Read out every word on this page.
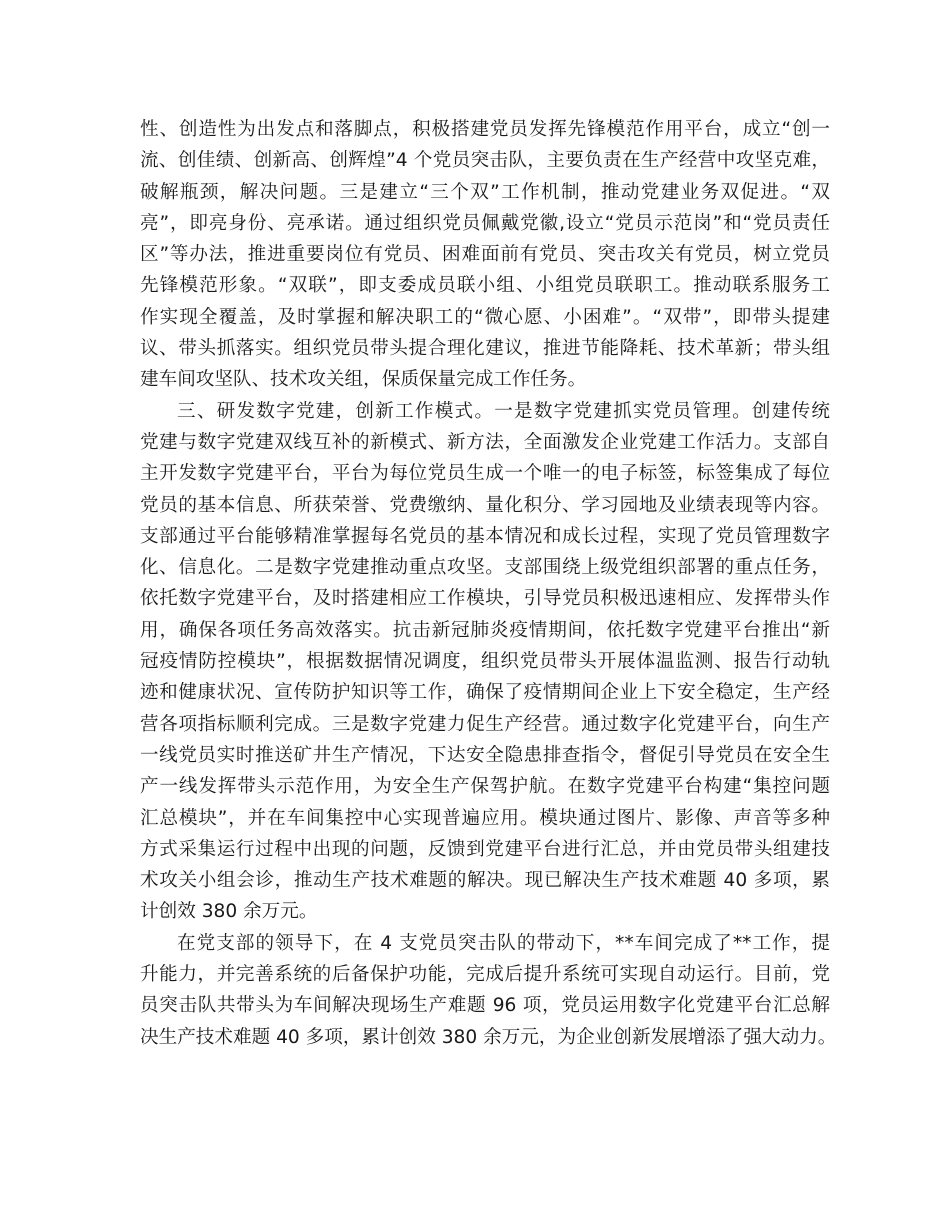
性、创造性为出发点和落脚点，积极搭建党员发挥先锋模范作用平台，成立“创一
流、创佳绩、创新高、创辉煌”4 个党员突击队，主要负责在生产经营中攻坚克难，
破解瓶颈，解决问题。三是建立“三个双”工作机制，推动党建业务双促进。“双
亮”，即亮身份、亮承诺。通过组织党员佩戴党徽,设立“党员示范岗”和“党员责任
区”等办法，推进重要岗位有党员、困难面前有党员、突击攻关有党员，树立党员
先锋模范形象。“双联”，即支委成员联小组、小组党员联职工。推动联系服务工
作实现全覆盖，及时掌握和解决职工的“微心愿、小困难”。“双带”，即带头提建
议、带头抓落实。组织党员带头提合理化建议，推进节能降耗、技术革新；带头组
建车间攻坚队、技术攻关组，保质保量完成工作任务。
三、研发数字党建，创新工作模式。一是数字党建抓实党员管理。创建传统
党建与数字党建双线互补的新模式、新方法，全面激发企业党建工作活力。支部自
主开发数字党建平台，平台为每位党员生成一个唯一的电子标签，标签集成了每位
党员的基本信息、所获荣誉、党费缴纳、量化积分、学习园地及业绩表现等内容。
支部通过平台能够精准掌握每名党员的基本情况和成长过程，实现了党员管理数字
化、信息化。二是数字党建推动重点攻坚。支部围绕上级党组织部署的重点任务，
依托数字党建平台，及时搭建相应工作模块，引导党员积极迅速相应、发挥带头作
用，确保各项任务高效落实。抗击新冠肺炎疫情期间，依托数字党建平台推出“新
冠疫情防控模块”，根据数据情况调度，组织党员带头开展体温监测、报告行动轨
迹和健康状况、宣传防护知识等工作，确保了疫情期间企业上下安全稳定，生产经
营各项指标顺利完成。三是数字党建力促生产经营。通过数字化党建平台，向生产
一线党员实时推送矿井生产情况，下达安全隐患排查指令，督促引导党员在安全生
产一线发挥带头示范作用，为安全生产保驾护航。在数字党建平台构建“集控问题
汇总模块”，并在车间集控中心实现普遍应用。模块通过图片、影像、声音等多种
方式采集运行过程中出现的问题，反馈到党建平台进行汇总，并由党员带头组建技
术攻关小组会诊，推动生产技术难题的解决。现已解决生产技术难题 40 多项，累
计创效 380 余万元。
在党支部的领导下，在 4 支党员突击队的带动下，**车间完成了**工作，提
升能力，并完善系统的后备保护功能，完成后提升系统可实现自动运行。目前，党
员突击队共带头为车间解决现场生产难题 96 项，党员运用数字化党建平台汇总解
决生产技术难题 40 多项，累计创效 380 余万元，为企业创新发展增添了强大动力。
